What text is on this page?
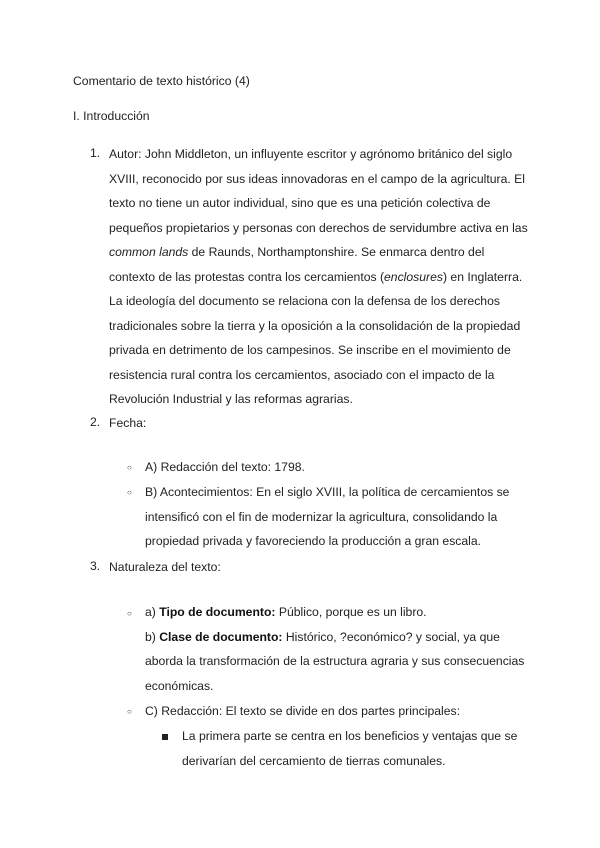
Comentario de texto histórico (4)
I. Introducción
1. Autor: John Middleton, un influyente escritor y agrónomo británico del siglo XVIII, reconocido por sus ideas innovadoras en el campo de la agricultura. El texto no tiene un autor individual, sino que es una petición colectiva de pequeños propietarios y personas con derechos de servidumbre activa en las common lands de Raunds, Northamptonshire. Se enmarca dentro del contexto de las protestas contra los cercamientos (enclosures) en Inglaterra. La ideología del documento se relaciona con la defensa de los derechos tradicionales sobre la tierra y la oposición a la consolidación de la propiedad privada en detrimento de los campesinos. Se inscribe en el movimiento de resistencia rural contra los cercamientos, asociado con el impacto de la Revolución Industrial y las reformas agrarias.
2. Fecha:
○ A) Redacción del texto: 1798.
○ B) Acontecimientos: En el siglo XVIII, la política de cercamientos se intensificó con el fin de modernizar la agricultura, consolidando la propiedad privada y favoreciendo la producción a gran escala.
3. Naturaleza del texto:
○ a) Tipo de documento: Público, porque es un libro.
b) Clase de documento: Histórico, ?económico? y social, ya que aborda la transformación de la estructura agraria y sus consecuencias económicas.
○ C) Redacción: El texto se divide en dos partes principales:
La primera parte se centra en los beneficios y ventajas que se derivarían del cercamiento de tierras comunales.
